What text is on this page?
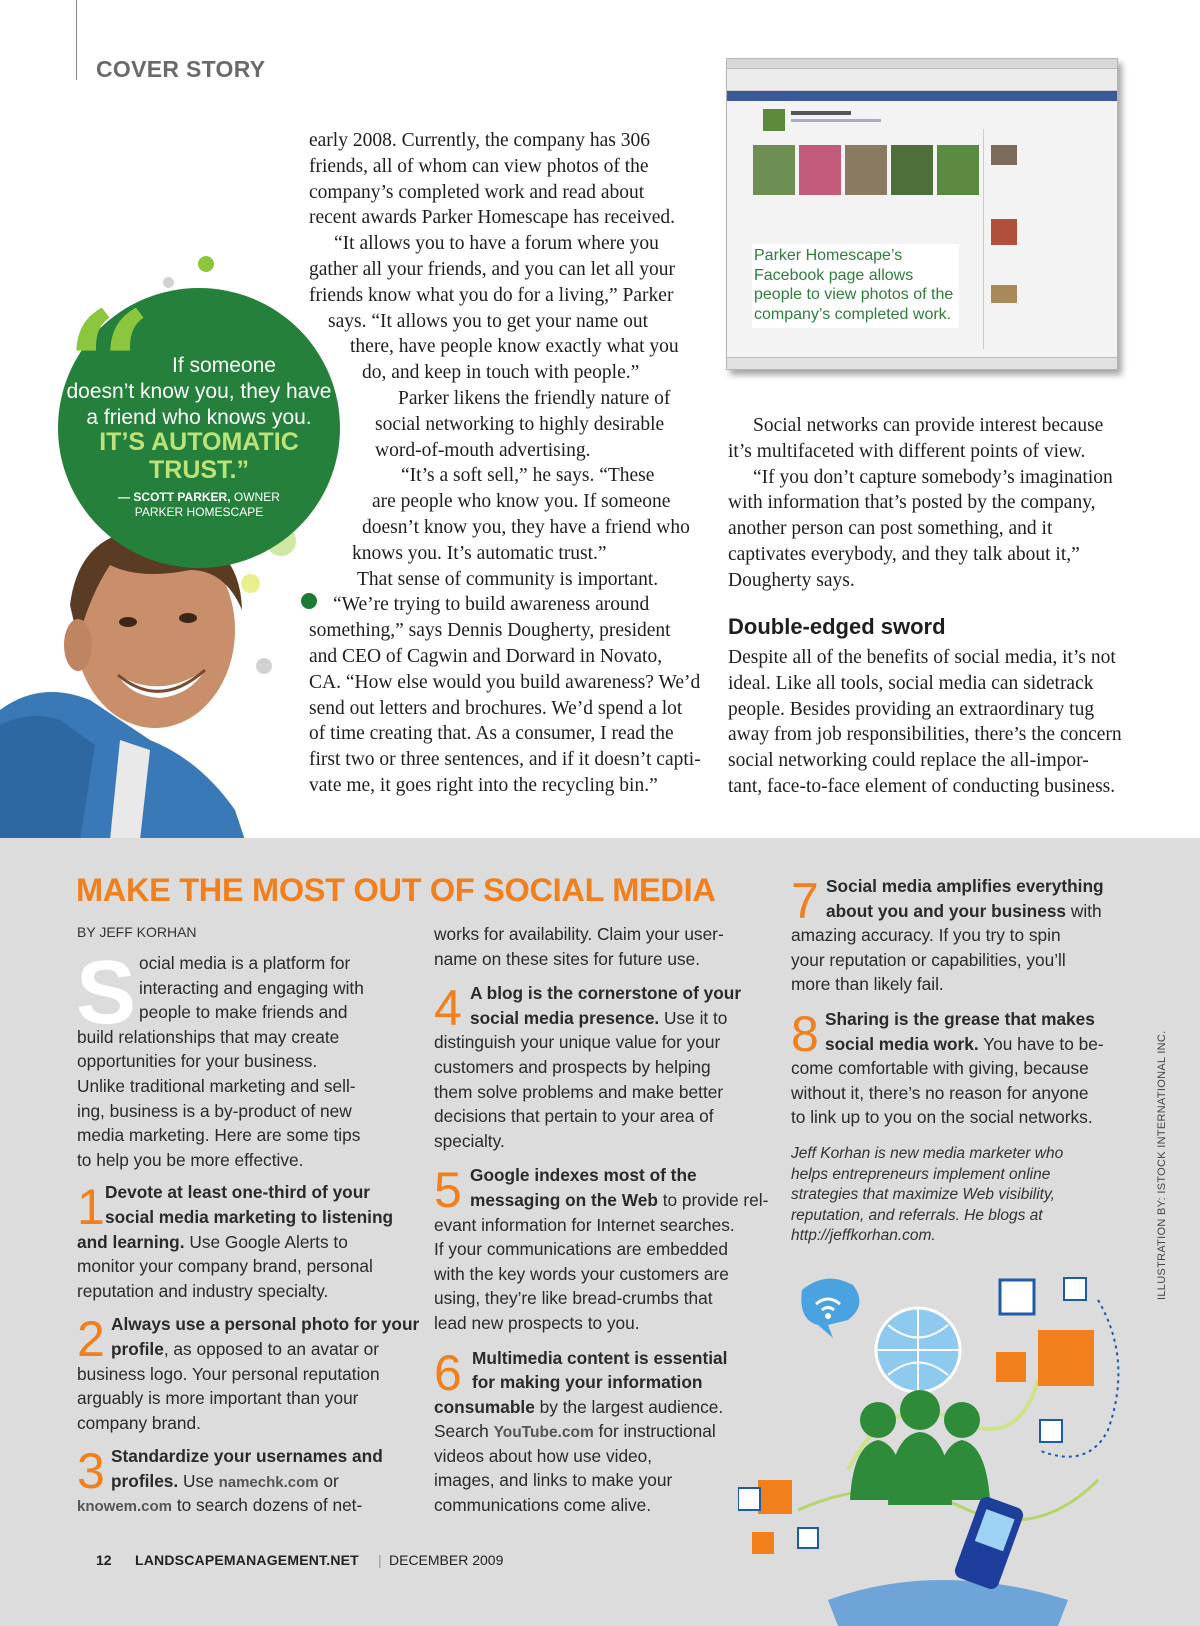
COVER STORY
early 2008. Currently, the company has 306
friends, all of whom can view photos of the
company’s completed work and read about
recent awards Parker Homescape has received.
“It allows you to have a forum where you
gather all your friends, and you can let all your
friends know what you do for a living,” Parker
says. “It allows you to get your name out
there, have people know exactly what you
do, and keep in touch with people.”
Parker likens the friendly nature of
social networking to highly desirable
word-of-mouth advertising.
“It’s a soft sell,” he says. “These
are people who know you. If someone
doesn’t know you, they have a friend who
knows you. It’s automatic trust.”
That sense of community is important.
“We’re trying to build awareness around
something,” says Dennis Dougherty, president
and CEO of Cagwin and Dorward in Novato,
CA. “How else would you build awareness? We’d
send out letters and brochures. We’d spend a lot
of time creating that. As a consumer, I read the
first two or three sentences, and if it doesn’t capti-
vate me, it goes right into the recycling bin.”
“	If someone
doesn’t know you, they have
a friend who knows you.
IT’S AUTOMATIC
TRUST.”
— SCOTT PARKER, OWNER
PARKER HOMESCAPE
Parker Homescape’s
Facebook page allows
people to view photos of the
company’s completed work.
Social networks can provide interest because
it’s multifaceted with different points of view.
“If you don’t capture somebody’s imagination
with information that’s posted by the company,
another person can post something, and it
captivates everybody, and they talk about it,”
Dougherty says.
Double-edged sword
Despite all of the benefits of social media, it’s not
ideal. Like all tools, social media can sidetrack
people. Besides providing an extraordinary tug
away from job responsibilities, there’s the concern
social networking could replace the all-impor-
tant, face-to-face element of conducting business.
MAKE THE MOST OUT OF SOCIAL MEDIA
BY JEFF KORHAN
S ocial media is a platform for
interacting and engaging with
people to make friends and
build relationships that may create
opportunities for your business.
Unlike traditional marketing and sell-
ing, business is a by-product of new
media marketing. Here are some tips
to help you be more effective.
1 Devote at least one-third of your
social media marketing to listening
and learning. Use Google Alerts to
monitor your company brand, personal
reputation and industry specialty.
2 Always use a personal photo for your
profile, as opposed to an avatar or
business logo. Your personal reputation
arguably is more important than your
company brand.
3 Standardize your usernames and
profiles. Use namechk.com or
knowem.com to search dozens of net-
works for availability. Claim your user-
name on these sites for future use.
4 A blog is the cornerstone of your
social media presence. Use it to
distinguish your unique value for your
customers and prospects by helping
them solve problems and make better
decisions that pertain to your area of
specialty.
5 Google indexes most of the
messaging on the Web to provide rel-
evant information for Internet searches.
If your communications are embedded
with the key words your customers are
using, they’re like bread-crumbs that
lead new prospects to you.
6 Multimedia content is essential
for making your information
consumable by the largest audience.
Search YouTube.com for instructional
videos about how use video,
images, and links to make your
communications come alive.
7 Social media amplifies everything
about you and your business with
amazing accuracy. If you try to spin
your reputation or capabilities, you’ll
more than likely fail.
8 Sharing is the grease that makes
social media work. You have to be-
come comfortable with giving, because
without it, there’s no reason for anyone
to link up to you on the social networks.
Jeff Korhan is new media marketer who
helps entrepreneurs implement online
strategies that maximize Web visibility,
reputation, and referrals. He blogs at
http://jeffkorhan.com.	ILLUSTRATION BY: ISTOCK INTERNATIONAL INC.
12 LANDSCAPEMANAGEMENT.NET | DECEMBER 2009
